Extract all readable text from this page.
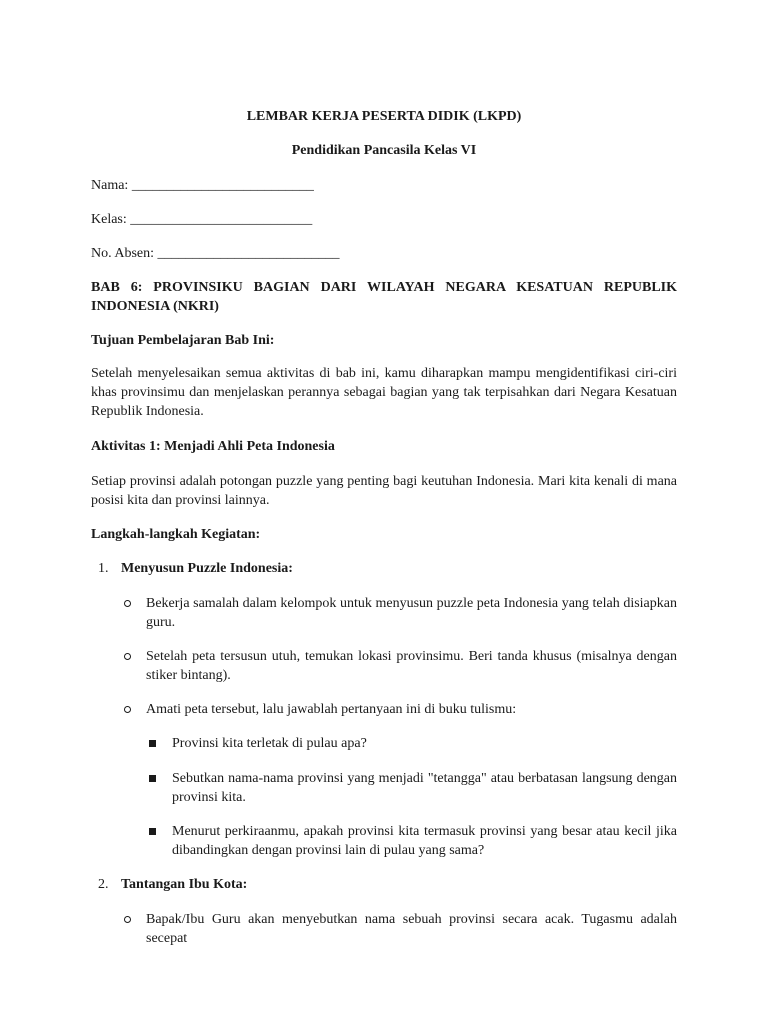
LEMBAR KERJA PESERTA DIDIK (LKPD)

Pendidikan Pancasila Kelas VI

Nama: __________________________

Kelas: __________________________

No. Absen: __________________________

BAB 6: PROVINSIKU BAGIAN DARI WILAYAH NEGARA KESATUAN REPUBLIK INDONESIA (NKRI)

Tujuan Pembelajaran Bab Ini:

Setelah menyelesaikan semua aktivitas di bab ini, kamu diharapkan mampu mengidentifikasi ciri-ciri khas provinsimu dan menjelaskan perannya sebagai bagian yang tak terpisahkan dari Negara Kesatuan Republik Indonesia.

Aktivitas 1: Menjadi Ahli Peta Indonesia

Setiap provinsi adalah potongan puzzle yang penting bagi keutuhan Indonesia. Mari kita kenali di mana posisi kita dan provinsi lainnya.

Langkah-langkah Kegiatan:

1. Menyusun Puzzle Indonesia:

Bekerja samalah dalam kelompok untuk menyusun puzzle peta Indonesia yang telah disiapkan guru.

Setelah peta tersusun utuh, temukan lokasi provinsimu. Beri tanda khusus (misalnya dengan stiker bintang).

Amati peta tersebut, lalu jawablah pertanyaan ini di buku tulismu:

Provinsi kita terletak di pulau apa?

Sebutkan nama-nama provinsi yang menjadi "tetangga" atau berbatasan langsung dengan provinsi kita.

Menurut perkiraanmu, apakah provinsi kita termasuk provinsi yang besar atau kecil jika dibandingkan dengan provinsi lain di pulau yang sama?

2. Tantangan Ibu Kota:

Bapak/Ibu Guru akan menyebutkan nama sebuah provinsi secara acak. Tugasmu adalah secepat
